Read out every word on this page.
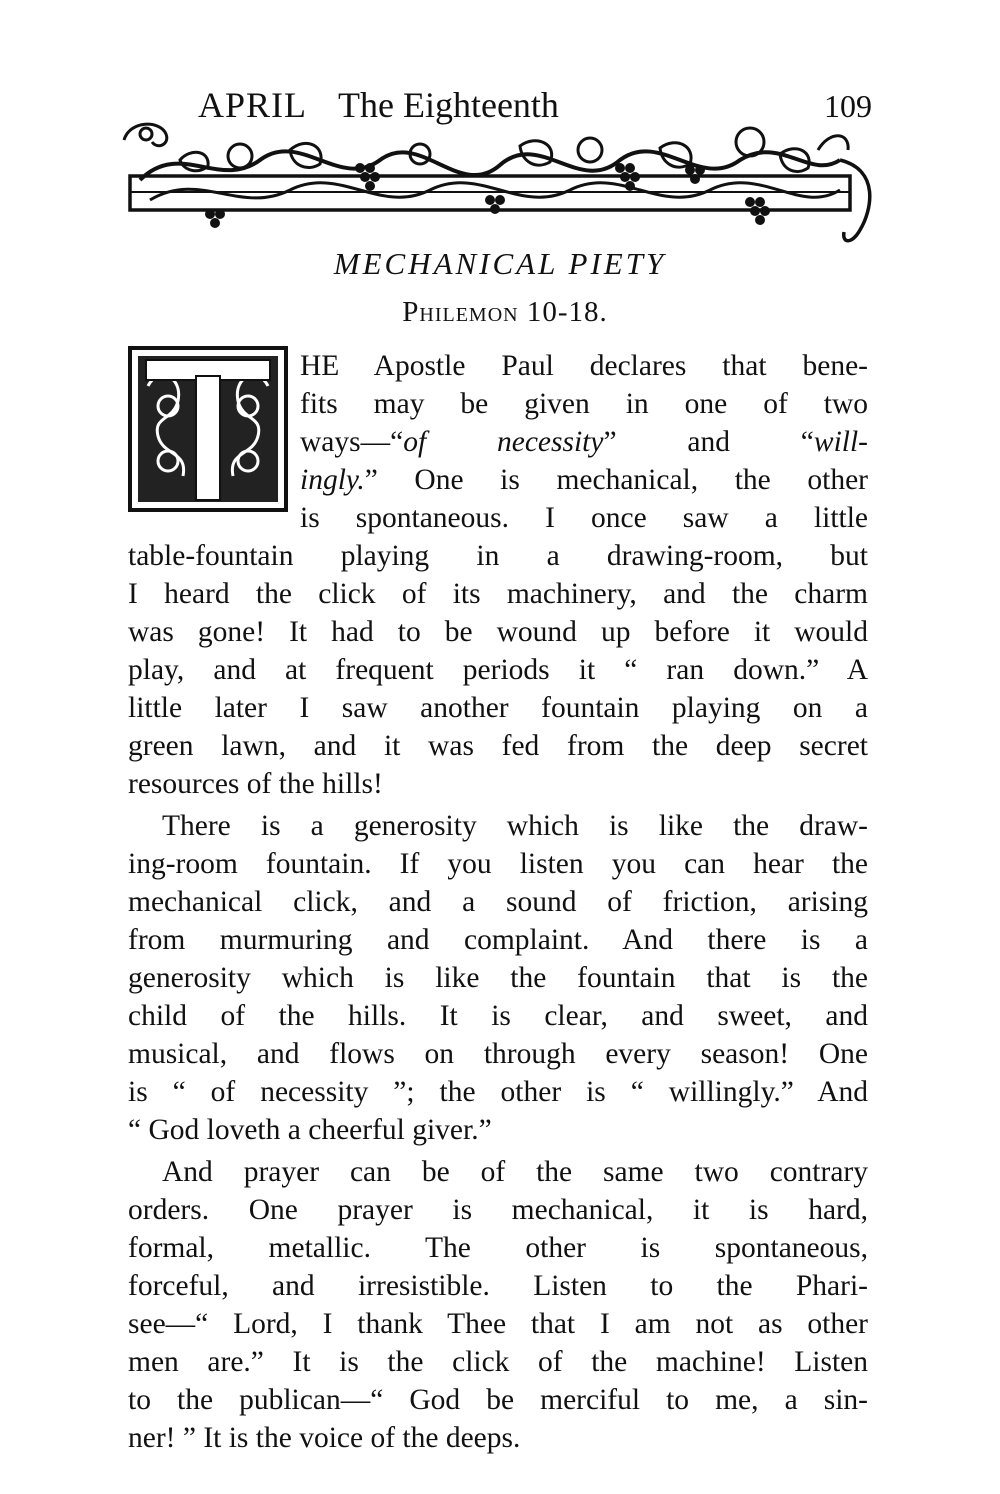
APRIL The Eighteenth	109
MECHANICAL PIETY
Philemon 10-18.
T
HE Apostle Paul declares that bene-
fits may be given in one of two
ways—“of necessity” and “will-
ingly.” One is mechanical, the other
is spontaneous. I once saw a little
table-fountain playing in a drawing-room, but
I heard the click of its machinery, and the charm
was gone! It had to be wound up before it would
play, and at frequent periods it “ ran down.” A
little later I saw another fountain playing on a
green lawn, and it was fed from the deep secret
resources of the hills!
There is a generosity which is like the draw-
ing-room fountain. If you listen you can hear the
mechanical click, and a sound of friction, arising
from murmuring and complaint. And there is a
generosity which is like the fountain that is the
child of the hills. It is clear, and sweet, and
musical, and flows on through every season! One
is “ of necessity ”; the other is “ willingly.” And
“ God loveth a cheerful giver.”
And prayer can be of the same two contrary
orders. One prayer is mechanical, it is hard,
formal, metallic. The other is spontaneous,
forceful, and irresistible. Listen to the Phari-
see—“ Lord, I thank Thee that I am not as other
men are.” It is the click of the machine! Listen
to the publican—“ God be merciful to me, a sin-
ner! ” It is the voice of the deeps.
